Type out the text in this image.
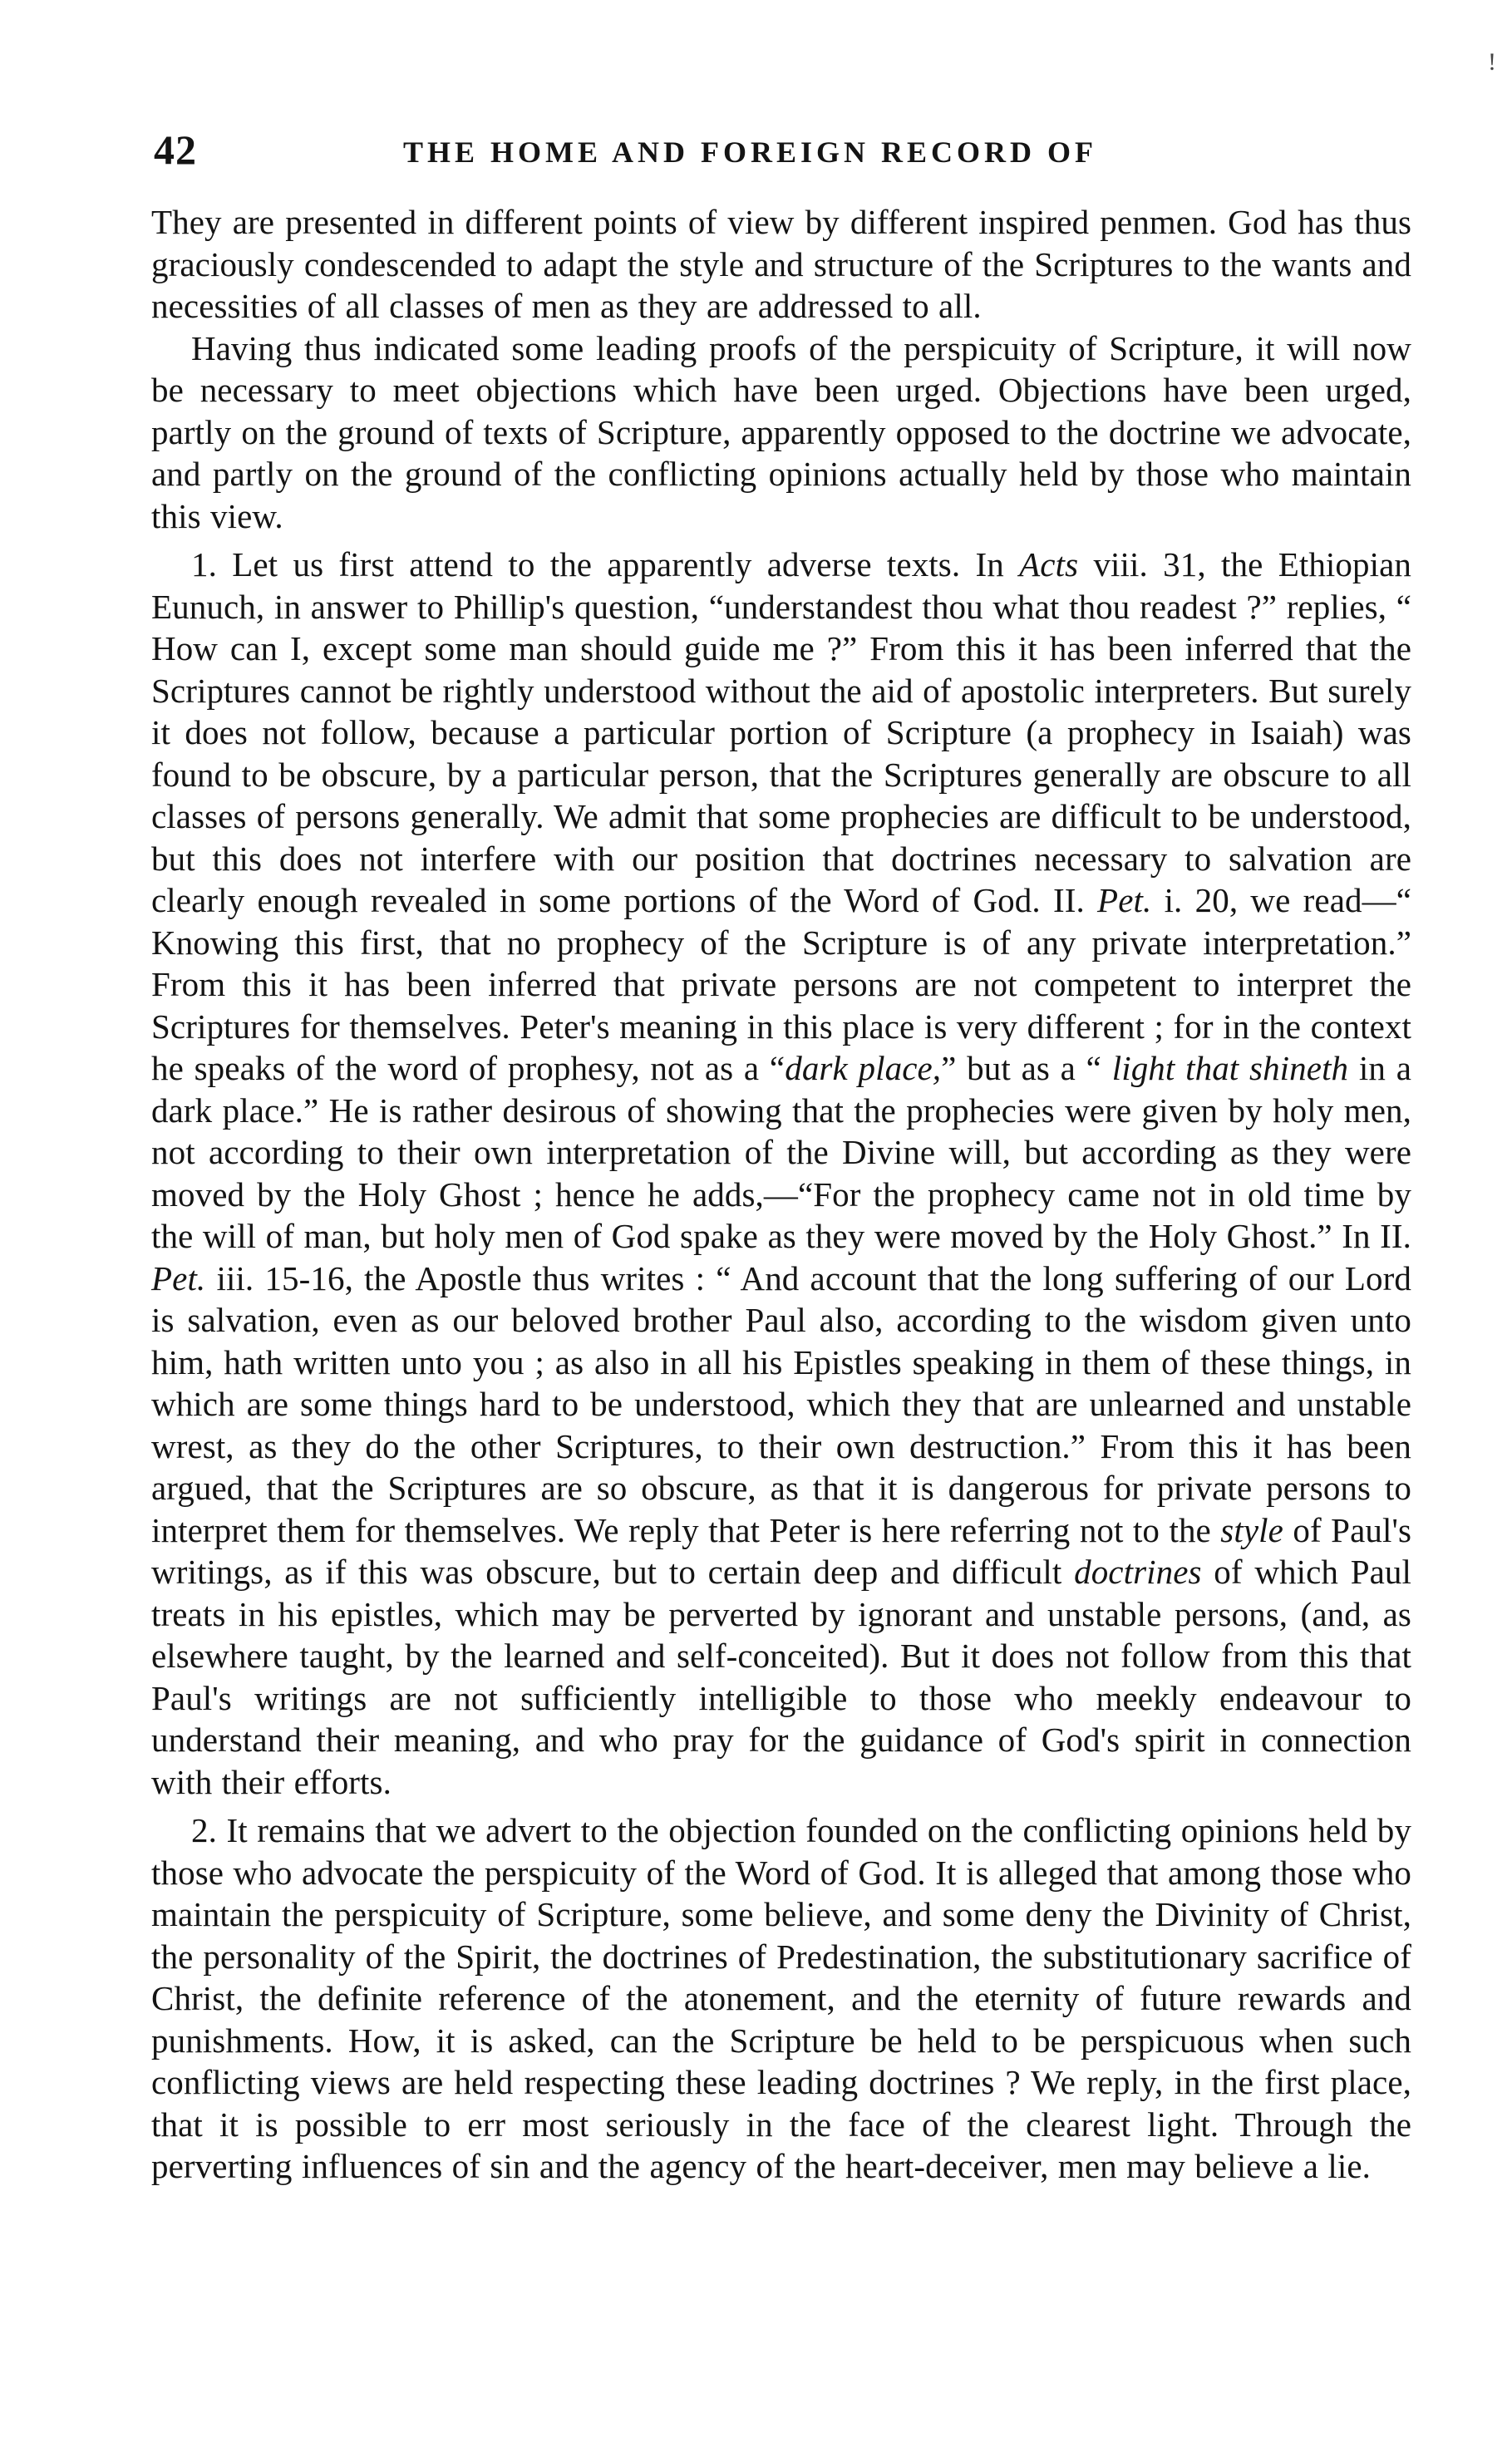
42	THE HOME AND FOREIGN RECORD OF
!

They are presented in different points of view by different inspired penmen. God has thus graciously condescended to adapt the style and structure of the Scriptures to the wants and necessities of all classes of men as they are addressed to all.

Having thus indicated some leading proofs of the perspicuity of Scripture, it will now be necessary to meet objections which have been urged. Objections have been urged, partly on the ground of texts of Scripture, apparently opposed to the doctrine we advocate, and partly on the ground of the conflicting opinions actually held by those who maintain this view.

1. Let us first attend to the apparently adverse texts. In Acts viii. 31, the Ethiopian Eunuch, in answer to Phillip's question, “understandest thou what thou readest ?” replies, “ How can I, except some man should guide me ?” From this it has been inferred that the Scriptures cannot be rightly understood without the aid of apostolic interpreters. But surely it does not follow, because a particular portion of Scripture (a prophecy in Isaiah) was found to be obscure, by a particular person, that the Scriptures generally are obscure to all classes of persons generally. We admit that some prophecies are difficult to be understood, but this does not interfere with our position that doctrines necessary to salvation are clearly enough revealed in some portions of the Word of God. II. Pet. i. 20, we read—“ Knowing this first, that no prophecy of the Scripture is of any private interpretation.” From this it has been inferred that private persons are not competent to interpret the Scriptures for themselves. Peter's meaning in this place is very different ; for in the context he speaks of the word of prophesy, not as a “dark place,” but as a “ light that shineth in a dark place.” He is rather desirous of showing that the prophecies were given by holy men, not according to their own interpretation of the Divine will, but according as they were moved by the Holy Ghost ; hence he adds,—“For the prophecy came not in old time by the will of man, but holy men of God spake as they were moved by the Holy Ghost.” In II. Pet. iii. 15-16, the Apostle thus writes : “ And account that the long suffering of our Lord is salvation, even as our beloved brother Paul also, according to the wisdom given unto him, hath written unto you ; as also in all his Epistles speaking in them of these things, in which are some things hard to be understood, which they that are unlearned and unstable wrest, as they do the other Scriptures, to their own destruction.” From this it has been argued, that the Scriptures are so obscure, as that it is dangerous for private persons to interpret them for themselves. We reply that Peter is here referring not to the style of Paul's writings, as if this was obscure, but to certain deep and difficult doctrines of which Paul treats in his epistles, which may be perverted by ignorant and unstable persons, (and, as elsewhere taught, by the learned and self-conceited). But it does not follow from this that Paul's writings are not sufficiently intelligible to those who meekly endeavour to understand their meaning, and who pray for the guidance of God's spirit in connection with their efforts.

2. It remains that we advert to the objection founded on the conflicting opinions held by those who advocate the perspicuity of the Word of God. It is alleged that among those who maintain the perspicuity of Scripture, some believe, and some deny the Divinity of Christ, the personality of the Spirit, the doctrines of Predestination, the substitutionary sacrifice of Christ, the definite reference of the atonement, and the eternity of future rewards and punishments. How, it is asked, can the Scripture be held to be perspicuous when such conflicting views are held respecting these leading doctrines ? We reply, in the first place, that it is possible to err most seriously in the face of the clearest light. Through the perverting influences of sin and the agency of the heart-deceiver, men may believe a lie.
